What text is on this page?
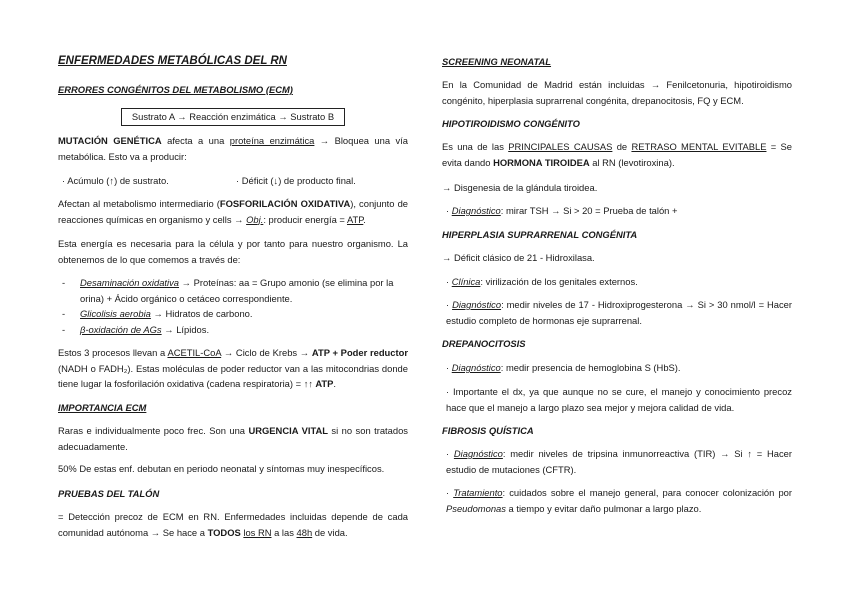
ENFERMEDADES METABÓLICAS DEL RN
ERRORES CONGÉNITOS DEL METABOLISMO (ECM)
Sustrato A → Reacción enzimática → Sustrato B

MUTACIÓN GENÉTICA afecta a una proteína enzimática → Bloquea una vía metabólica. Esto va a producir:

· Acúmulo (↑) de sustrato.	· Déficit (↓) de producto final.

Afectan al metabolismo intermediario (FOSFORILACIÓN OXIDATIVA), conjunto de reacciones químicas en organismo y cells → Obj.: producir energía = ATP.

Esta energía es necesaria para la célula y por tanto para nuestro organismo. La obtenemos de lo que comemos a través de:

- Desaminación oxidativa → Proteínas: aa = Grupo amonio (se elimina por la orina) + Ácido orgánico o cetáceo correspondiente.
- Glicolisis aerobia → Hidratos de carbono.
- β-oxidación de AGs → Lípidos.

Estos 3 procesos llevan a ACETIL-CoA → Ciclo de Krebs → ATP + Poder reductor (NADH o FADH₂). Estas moléculas de poder reductor van a las mitocondrias donde tiene lugar la fosforilación oxidativa (cadena respiratoria) = ↑↑ ATP.

IMPORTANCIA ECM

Raras e individualmente poco frec. Son una URGENCIA VITAL si no son tratados adecuadamente.

50% De estas enf. debutan en periodo neonatal y síntomas muy inespecíficos.

PRUEBAS DEL TALÓN

= Detección precoz de ECM en RN. Enfermedades incluidas depende de cada comunidad autónoma → Se hace a TODOS los RN a las 48h de vida.

SCREENING NEONATAL

En la Comunidad de Madrid están incluidas → Fenilcetonuria, hipotiroidismo congénito, hiperplasia suprarrenal congénita, drepanocitosis, FQ y ECM.

HIPOTIROIDISMO CONGÉNITO

Es una de las PRINCIPALES CAUSAS de RETRASO MENTAL EVITABLE = Se evita dando HORMONA TIROIDEA al RN (levotiroxina).

→ Disgenesia de la glándula tiroidea.
· Diagnóstico: mirar TSH → Si > 20 = Prueba de talón +
HIPERPLASIA SUPRARRENAL CONGÉNITA
→ Déficit clásico de 21 - Hidroxilasa.
· Clínica: virilización de los genitales externos.

· Diagnóstico: medir niveles de 17 - Hidroxiprogesterona → Si > 30 nmol/l = Hacer estudio completo de hormonas eje suprarrenal.

DREPANOCITOSIS
· Diagnóstico: medir presencia de hemoglobina S (HbS).

· Importante el dx, ya que aunque no se cure, el manejo y conocimiento precoz hace que el manejo a largo plazo sea mejor y mejora calidad de vida.

FIBROSIS QUÍSTICA

· Diagnóstico: medir niveles de tripsina inmunorreactiva (TIR) → Si ↑ = Hacer estudio de mutaciones (CFTR).

· Tratamiento: cuidados sobre el manejo general, para conocer colonización por Pseudomonas a tiempo y evitar daño pulmonar a largo plazo.
